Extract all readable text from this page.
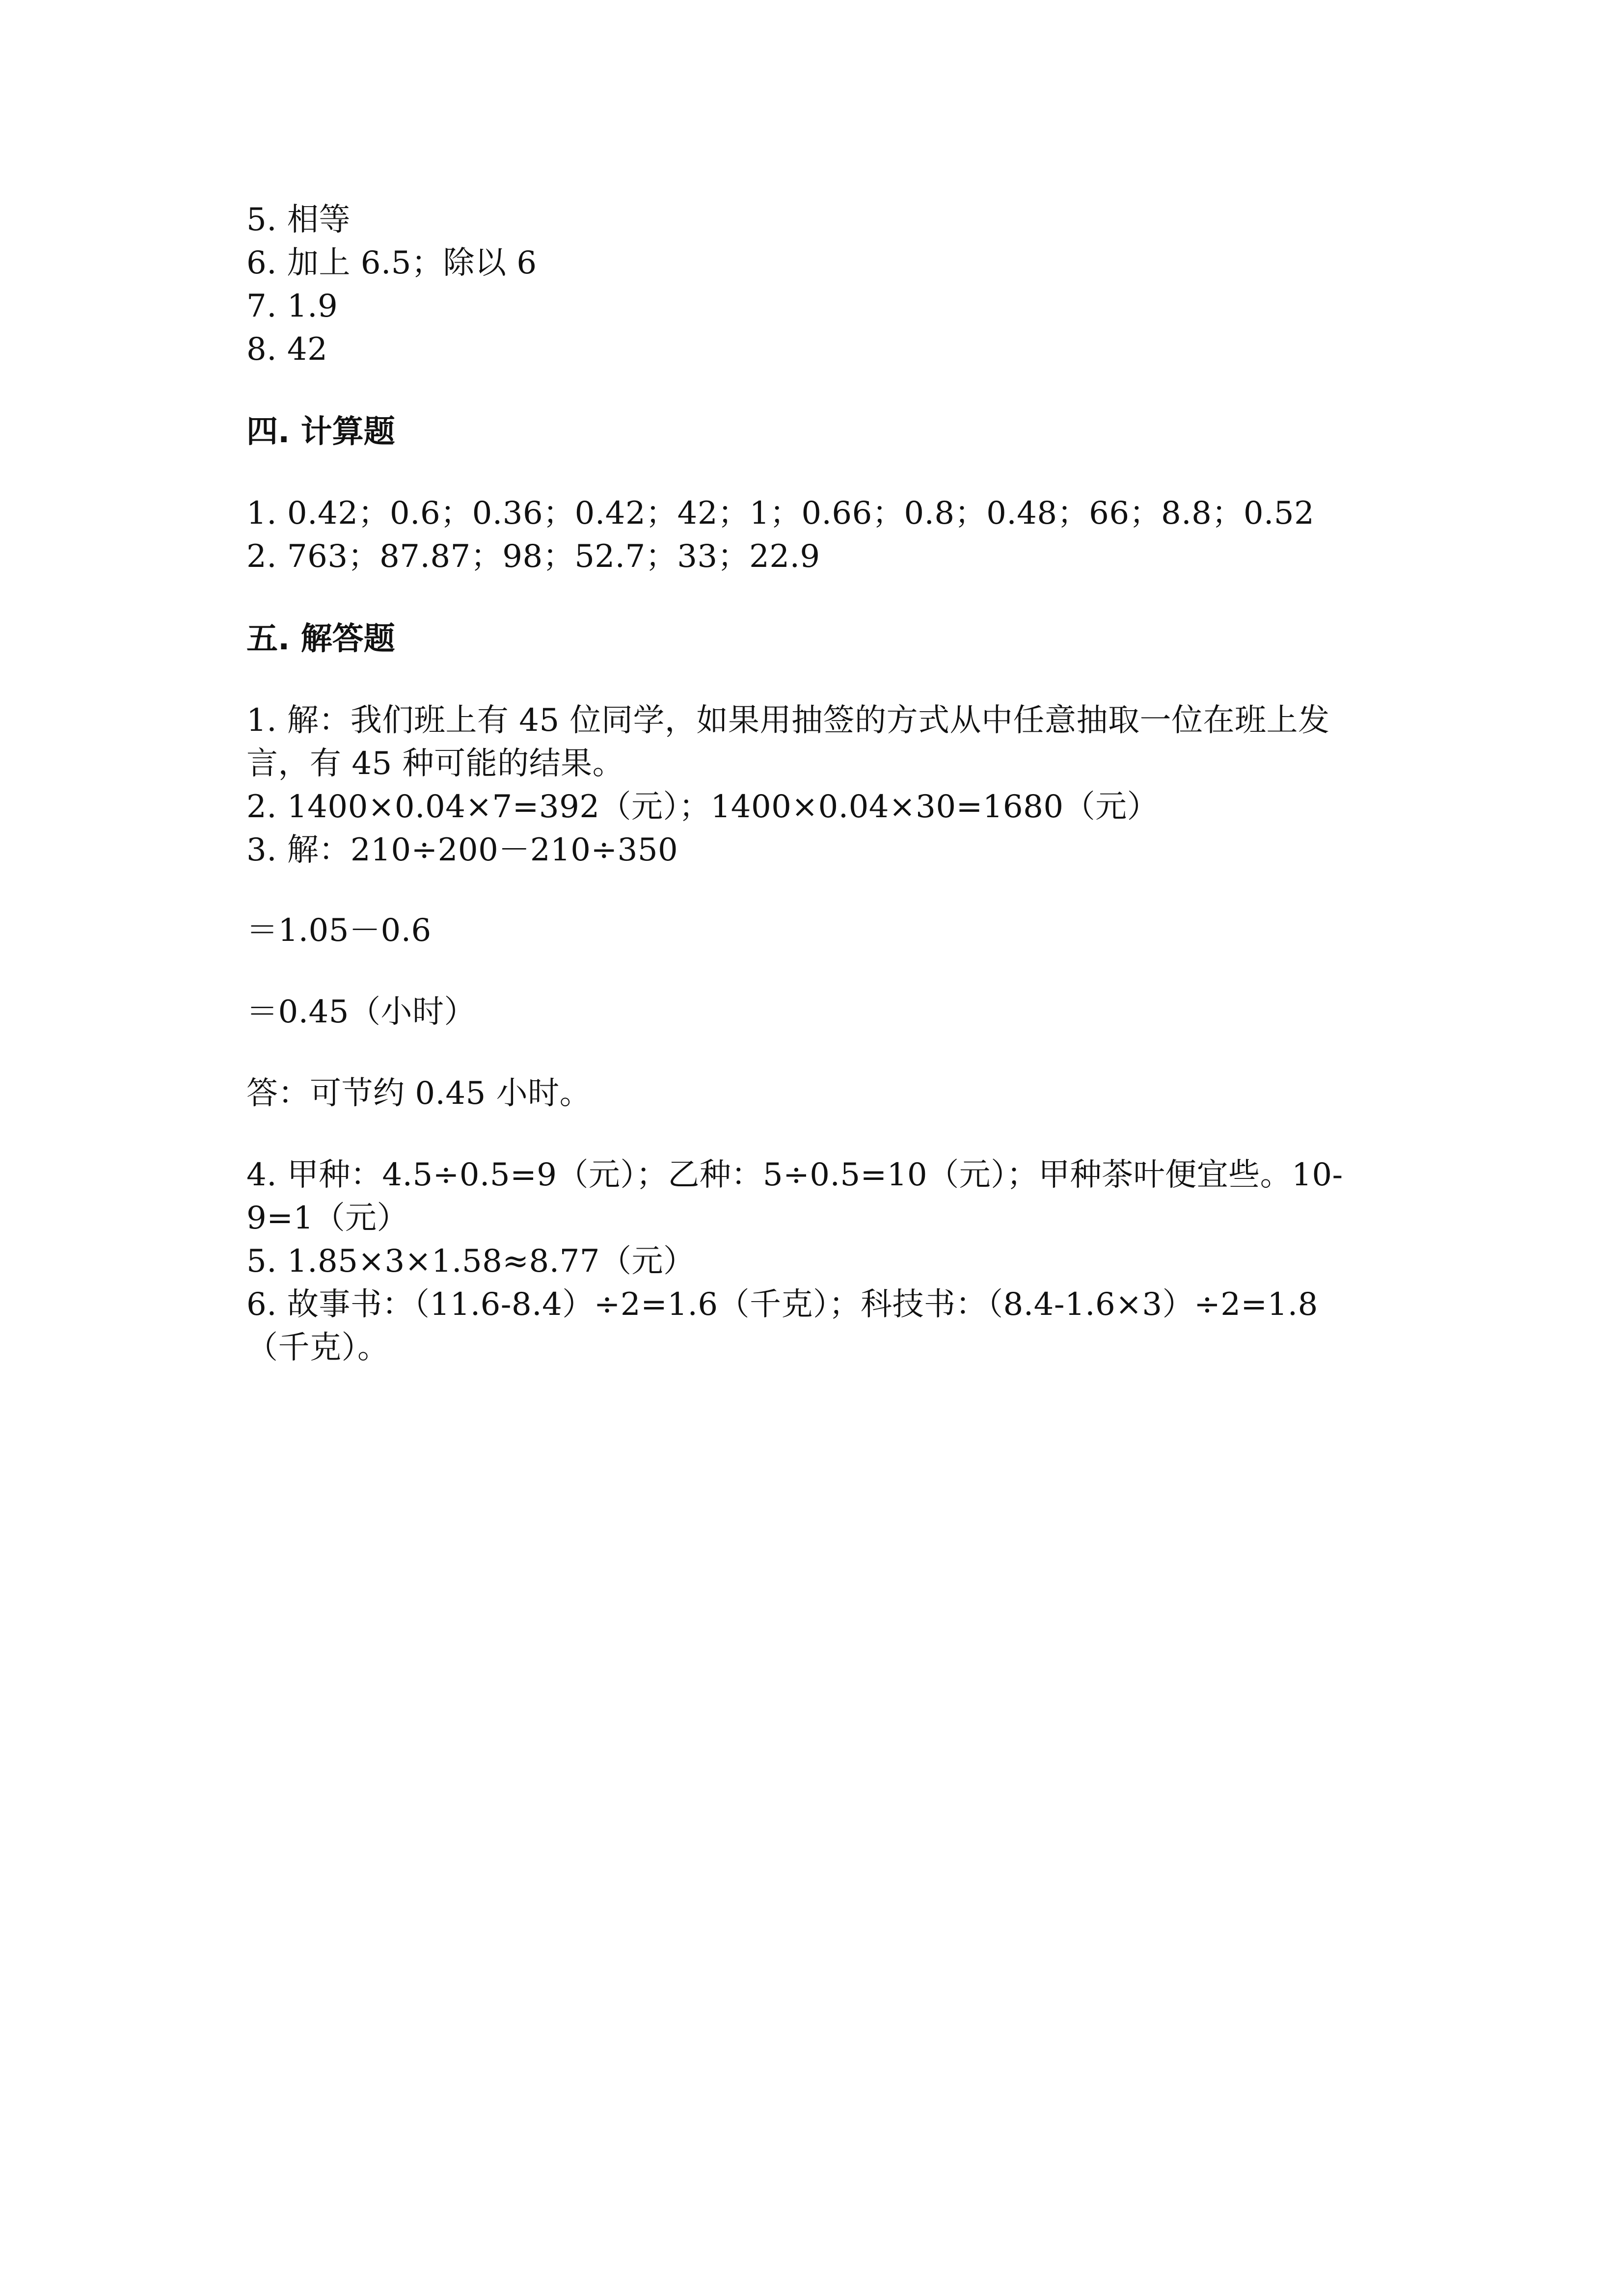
5. 相等
6. 加上 6.5；除以 6
7. 1.9
8. 42
四. 计算题
1. 0.42；0.6；0.36；0.42；42；1；0.66；0.8；0.48；66；8.8；0.52
2. 763；87.87；98；52.7；33；22.9
五. 解答题
1. 解：我们班上有 45 位同学，如果用抽签的方式从中任意抽取一位在班上发
言，有 45 种可能的结果。
2. 1400×0.04×7=392（元）；1400×0.04×30=1680（元）
3. 解：210÷200－210÷350
＝1.05－0.6
＝0.45（小时）
答：可节约 0.45 小时。
4. 甲种：4.5÷0.5=9（元）；乙种：5÷0.5=10（元）；甲种茶叶便宜些。10-
9=1（元）
5. 1.85×3×1.58≈8.77（元）
6. 故事书：（11.6-8.4）÷2=1.6（千克）；科技书：（8.4-1.6×3）÷2=1.8
（千克）。
